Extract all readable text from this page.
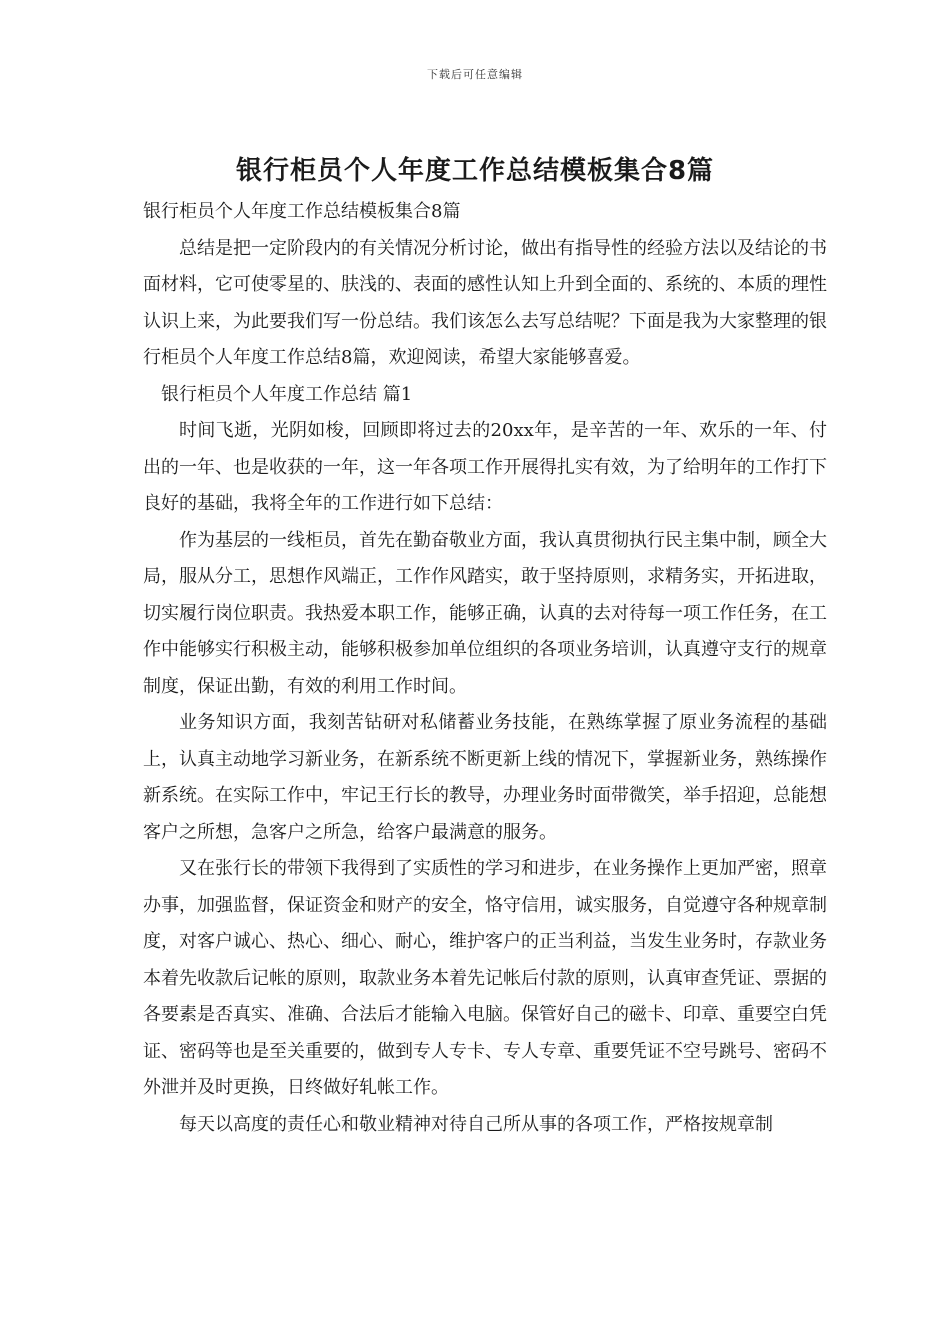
下载后可任意编辑
银行柜员个人年度工作总结模板集合8篇

银行柜员个人年度工作总结模板集合8篇

总结是把一定阶段内的有关情况分析讨论，做出有指导性的经验方法以及结论的书面材料，它可使零星的、肤浅的、表面的感性认知上升到全面的、系统的、本质的理性认识上来，为此要我们写一份总结。我们该怎么去写总结呢？下面是我为大家整理的银行柜员个人年度工作总结8篇，欢迎阅读，希望大家能够喜爱。

银行柜员个人年度工作总结 篇1

时间飞逝，光阴如梭，回顾即将过去的20xx年，是辛苦的一年、欢乐的一年、付出的一年、也是收获的一年，这一年各项工作开展得扎实有效，为了给明年的工作打下良好的基础，我将全年的工作进行如下总结：

作为基层的一线柜员，首先在勤奋敬业方面，我认真贯彻执行民主集中制，顾全大局，服从分工，思想作风端正，工作作风踏实，敢于坚持原则，求精务实，开拓进取，切实履行岗位职责。我热爱本职工作，能够正确，认真的去对待每一项工作任务，在工作中能够实行积极主动，能够积极参加单位组织的各项业务培训，认真遵守支行的规章制度，保证出勤，有效的利用工作时间。

业务知识方面，我刻苦钻研对私储蓄业务技能，在熟练掌握了原业务流程的基础上，认真主动地学习新业务，在新系统不断更新上线的情况下，掌握新业务，熟练操作新系统。在实际工作中，牢记王行长的教导，办理业务时面带微笑，举手招迎，总能想客户之所想，急客户之所急，给客户最满意的服务。

又在张行长的带领下我得到了实质性的学习和进步，在业务操作上更加严密，照章办事，加强监督，保证资金和财产的安全，恪守信用，诚实服务，自觉遵守各种规章制度，对客户诚心、热心、细心、耐心，维护客户的正当利益，当发生业务时，存款业务本着先收款后记帐的原则，取款业务本着先记帐后付款的原则，认真审查凭证、票据的各要素是否真实、准确、合法后才能输入电脑。保管好自己的磁卡、印章、重要空白凭证、密码等也是至关重要的，做到专人专卡、专人专章、重要凭证不空号跳号、密码不外泄并及时更换，日终做好轧帐工作。

每天以高度的责任心和敬业精神对待自己所从事的各项工作，严格按规章制
